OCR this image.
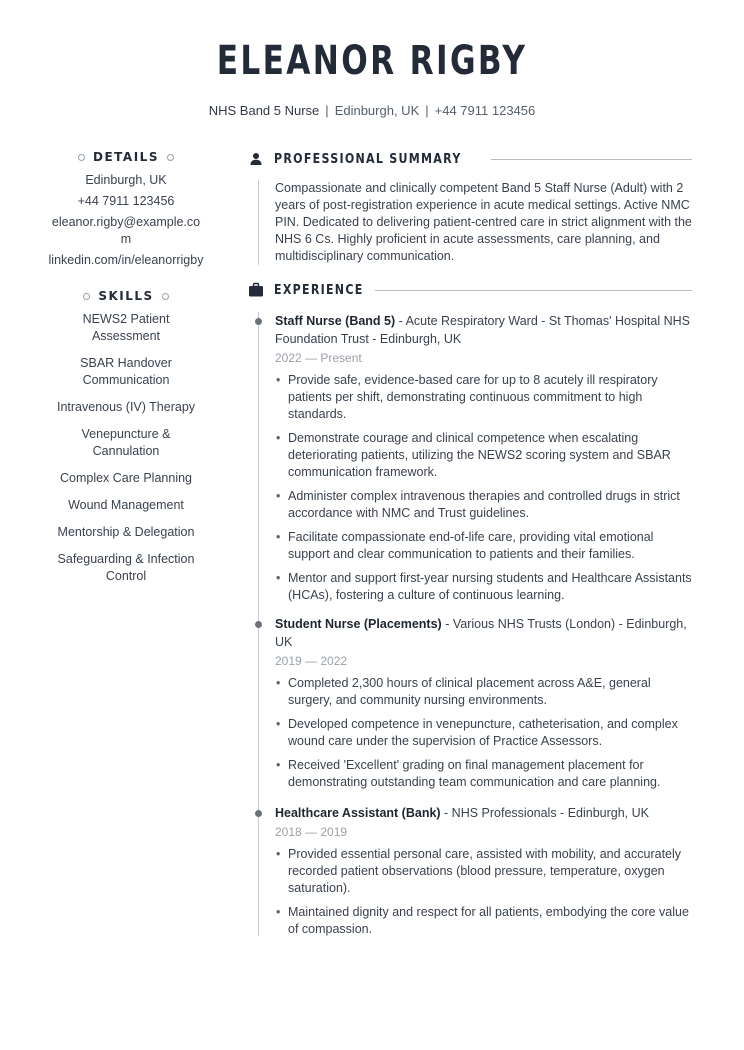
ELEANOR RIGBY
NHS Band 5 Nurse | Edinburgh, UK | +44 7911 123456
DETAILS
Edinburgh, UK
+44 7911 123456
eleanor.rigby@example.com
linkedin.com/in/eleanorrigby
SKILLS
NEWS2 Patient Assessment
SBAR Handover Communication
Intravenous (IV) Therapy
Venepuncture & Cannulation
Complex Care Planning
Wound Management
Mentorship & Delegation
Safeguarding & Infection Control
PROFESSIONAL SUMMARY
Compassionate and clinically competent Band 5 Staff Nurse (Adult) with 2 years of post-registration experience in acute medical settings. Active NMC PIN. Dedicated to delivering patient-centred care in strict alignment with the NHS 6 Cs. Highly proficient in acute assessments, care planning, and multidisciplinary communication.
EXPERIENCE
Staff Nurse (Band 5) - Acute Respiratory Ward - St Thomas' Hospital NHS Foundation Trust - Edinburgh, UK
2022 — Present
• Provide safe, evidence-based care for up to 8 acutely ill respiratory patients per shift, demonstrating continuous commitment to high standards.
• Demonstrate courage and clinical competence when escalating deteriorating patients, utilizing the NEWS2 scoring system and SBAR communication framework.
• Administer complex intravenous therapies and controlled drugs in strict accordance with NMC and Trust guidelines.
• Facilitate compassionate end-of-life care, providing vital emotional support and clear communication to patients and their families.
• Mentor and support first-year nursing students and Healthcare Assistants (HCAs), fostering a culture of continuous learning.
Student Nurse (Placements) - Various NHS Trusts (London) - Edinburgh, UK
2019 — 2022
• Completed 2,300 hours of clinical placement across A&E, general surgery, and community nursing environments.
• Developed competence in venepuncture, catheterisation, and complex wound care under the supervision of Practice Assessors.
• Received 'Excellent' grading on final management placement for demonstrating outstanding team communication and care planning.
Healthcare Assistant (Bank) - NHS Professionals - Edinburgh, UK
2018 — 2019
• Provided essential personal care, assisted with mobility, and accurately recorded patient observations (blood pressure, temperature, oxygen saturation).
• Maintained dignity and respect for all patients, embodying the core value of compassion.
